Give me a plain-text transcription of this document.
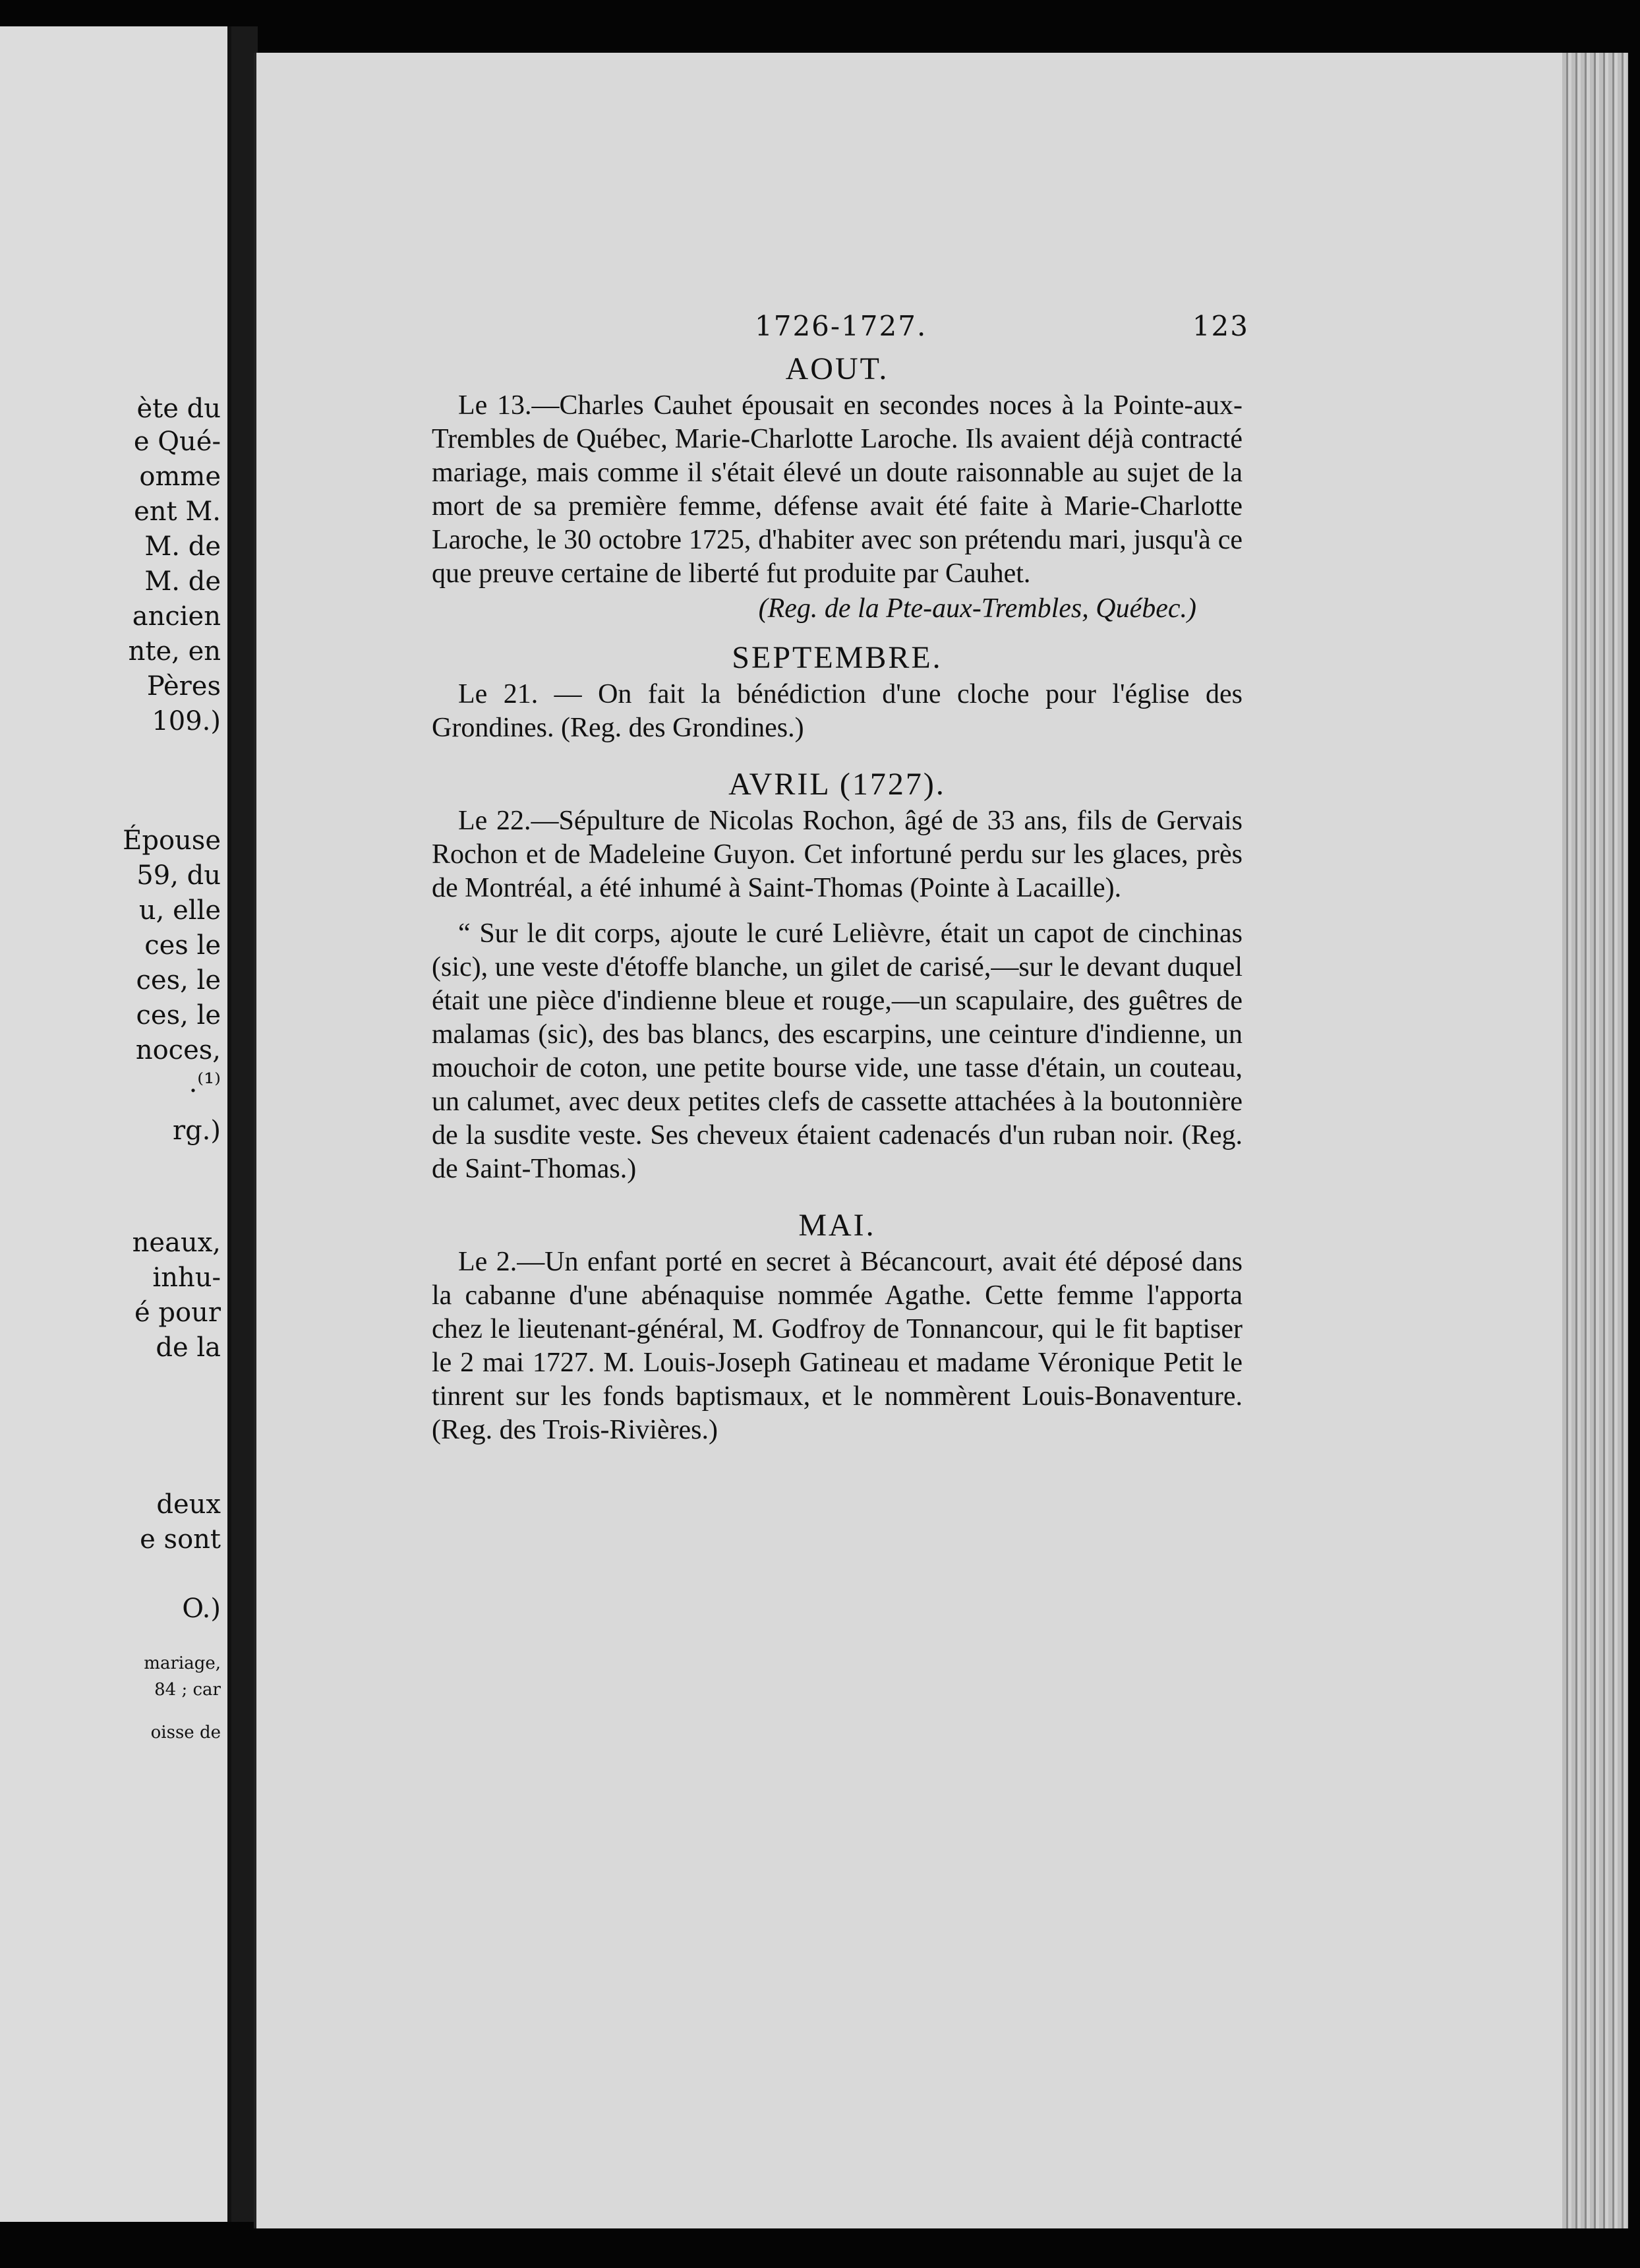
ète du
e Qué-
omme
ent M.
M. de
M. de
ancien
nte, en
Pères
109.)
Épouse
59, du
u, elle
ces le
ces, le
ces, le
noces,
.⁽¹⁾
rg.)
neaux,
inhu-
é pour
de la
deux
e sont
O.)
mariage,
84 ; car
oisse de
1726-1727.	123
AOUT.

Le 13.—Charles Cauhet épousait en secondes noces à la Pointe-aux-Trembles de Québec, Marie-Charlotte Laroche. Ils avaient déjà contracté mariage, mais comme il s'était élevé un doute raisonnable au sujet de la mort de sa première femme, défense avait été faite à Marie-Charlotte Laroche, le 30 octobre 1725, d'habiter avec son prétendu mari, jusqu'à ce que preuve certaine de liberté fut produite par Cauhet.

(Reg. de la Pte-aux-Trembles, Québec.)
SEPTEMBRE.

Le 21. — On fait la bénédiction d'une cloche pour l'église des Grondines. (Reg. des Grondines.)

AVRIL (1727).

Le 22.—Sépulture de Nicolas Rochon, âgé de 33 ans, fils de Gervais Rochon et de Madeleine Guyon. Cet infortuné perdu sur les glaces, près de Montréal, a été inhumé à Saint-Thomas (Pointe à Lacaille).

“ Sur le dit corps, ajoute le curé Lelièvre, était un capot de cinchinas (sic), une veste d'étoffe blanche, un gilet de carisé,—sur le devant duquel était une pièce d'indienne bleue et rouge,—un scapulaire, des guêtres de malamas (sic), des bas blancs, des escarpins, une ceinture d'indienne, un mouchoir de coton, une petite bourse vide, une tasse d'étain, un couteau, un calumet, avec deux petites clefs de cassette attachées à la boutonnière de la susdite veste. Ses cheveux étaient cadenacés d'un ruban noir. (Reg. de Saint-Thomas.)

MAI.

Le 2.—Un enfant porté en secret à Bécancourt, avait été déposé dans la cabanne d'une abénaquise nommée Agathe. Cette femme l'apporta chez le lieutenant-général, M. Godfroy de Tonnancour, qui le fit baptiser le 2 mai 1727. M. Louis-Joseph Gatineau et madame Véronique Petit le tinrent sur les fonds baptismaux, et le nommèrent Louis-Bonaventure. (Reg. des Trois-Rivières.)
